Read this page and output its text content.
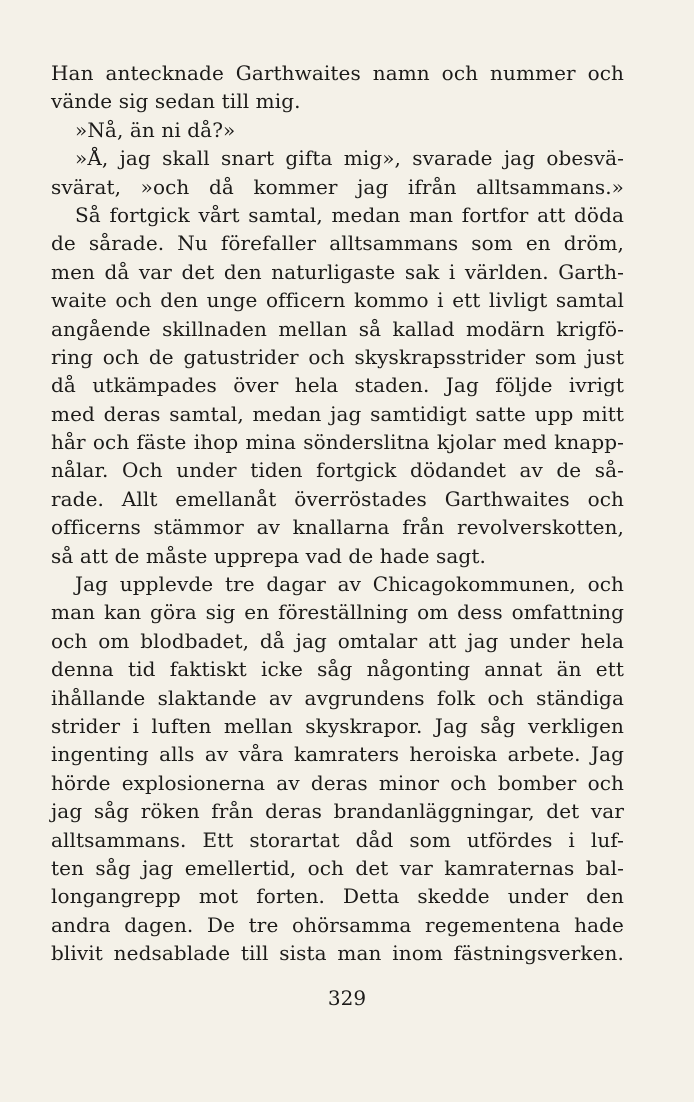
Han antecknade Garthwaites namn och nummer och
vände sig sedan till mig.
»Nå, än ni då?»
»Å, jag skall snart gifta mig», svarade jag obesvä-
svärat, »och då kommer jag ifrån alltsammans.»
Så fortgick vårt samtal, medan man fortfor att döda
de sårade. Nu förefaller alltsammans som en dröm,
men då var det den naturligaste sak i världen. Garth-
waite och den unge officern kommo i ett livligt samtal
angående skillnaden mellan så kallad modärn krigfö-
ring och de gatustrider och skyskrapsstrider som just
då utkämpades över hela staden. Jag följde ivrigt
med deras samtal, medan jag samtidigt satte upp mitt
hår och fäste ihop mina sönderslitna kjolar med knapp-
nålar. Och under tiden fortgick dödandet av de så-
rade. Allt emellanåt överröstades Garthwaites och
officerns stämmor av knallarna från revolverskotten,
så att de måste upprepa vad de hade sagt.
Jag upplevde tre dagar av Chicagokommunen, och
man kan göra sig en föreställning om dess omfattning
och om blodbadet, då jag omtalar att jag under hela
denna tid faktiskt icke såg någonting annat än ett
ihållande slaktande av avgrundens folk och ständiga
strider i luften mellan skyskrapor. Jag såg verkligen
ingenting alls av våra kamraters heroiska arbete. Jag
hörde explosionerna av deras minor och bomber och
jag såg röken från deras brandanläggningar, det var
alltsammans. Ett storartat dåd som utfördes i luf-
ten såg jag emellertid, och det var kamraternas bal-
longangrepp mot forten. Detta skedde under den
andra dagen. De tre ohörsamma regementena hade
blivit nedsablade till sista man inom fästningsverken.
329
